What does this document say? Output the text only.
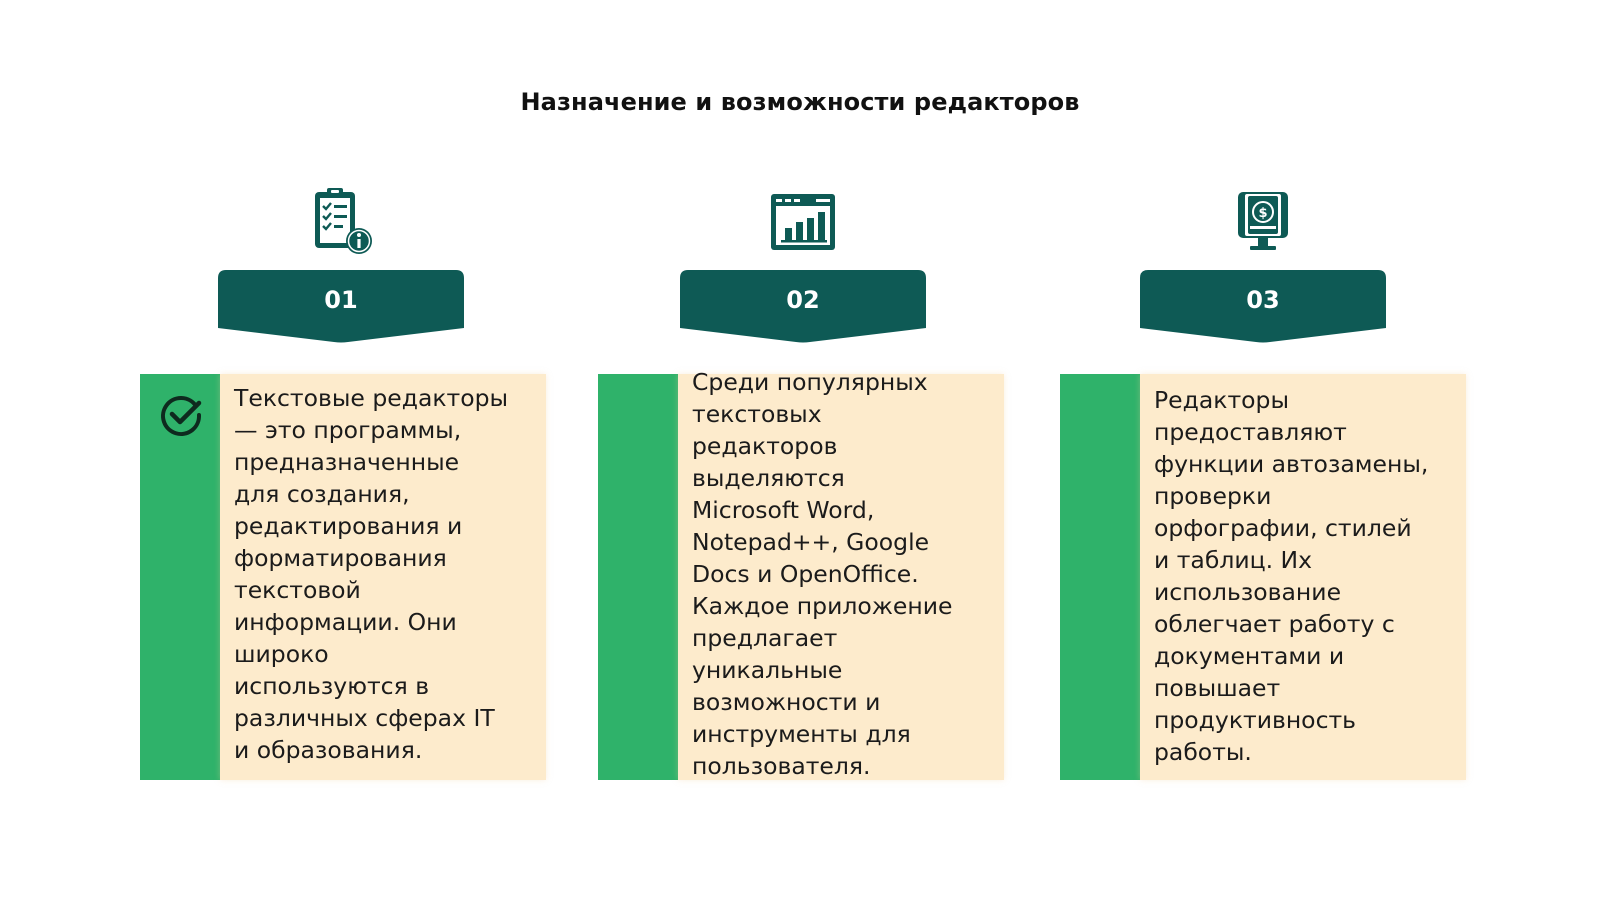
Назначение и возможности редакторов
01
Текстовые редакторы
— это программы,
предназначенные
для создания,
редактирования и
форматирования
текстовой
информации. Они
широко
используются в
различных сферах IT
и образования.
02
Среди популярных
текстовых
редакторов
выделяются
Microsoft Word,
Notepad++, Google
Docs и OpenOffice.
Каждое приложение
предлагает
уникальные
возможности и
инструменты для
пользователя.
$
03
Редакторы
предоставляют
функции автозамены,
проверки
орфографии, стилей
и таблиц. Их
использование
облегчает работу с
документами и
повышает
продуктивность
работы.
